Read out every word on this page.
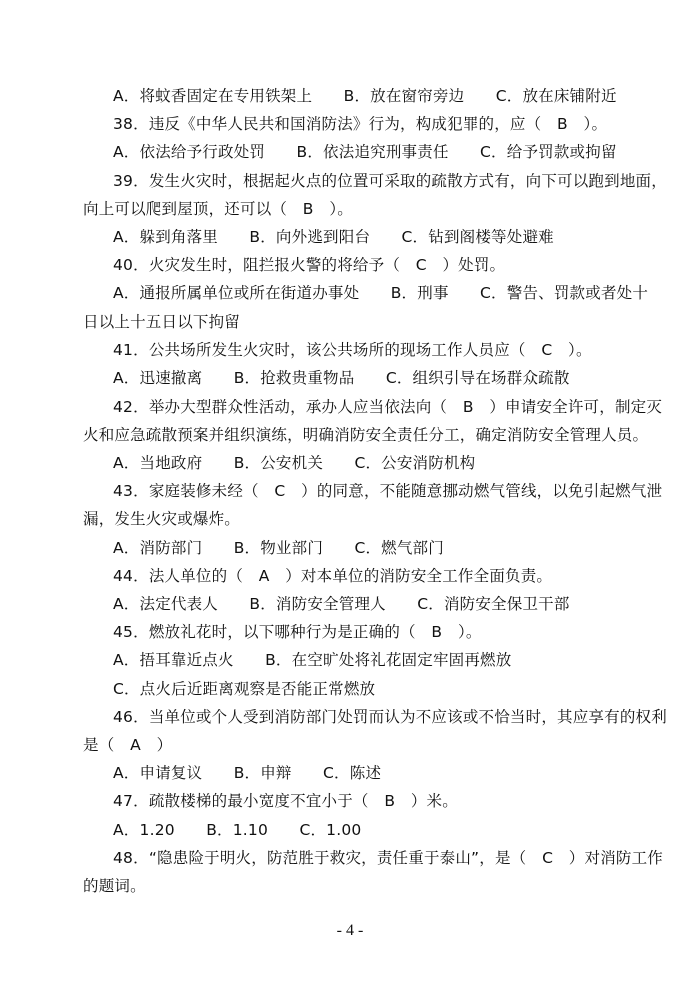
A．将蚊香固定在专用铁架上　　B．放在窗帘旁边　　C．放在床铺附近
38．违反《中华人民共和国消防法》行为，构成犯罪的，应（　B　）。
A．依法给予行政处罚　　B．依法追究刑事责任　　C．给予罚款或拘留
39．发生火灾时，根据起火点的位置可采取的疏散方式有，向下可以跑到地面，
向上可以爬到屋顶，还可以（　B　）。
A．躲到角落里　　B．向外逃到阳台　　C．钻到阁楼等处避难
40．火灾发生时，阻拦报火警的将给予（　C　）处罚。
A．通报所属单位或所在街道办事处　　B．刑事　　C．警告、罚款或者处十
日以上十五日以下拘留
41．公共场所发生火灾时，该公共场所的现场工作人员应（　C　）。
A．迅速撤离　　B．抢救贵重物品　　C．组织引导在场群众疏散
42．举办大型群众性活动，承办人应当依法向（　B　）申请安全许可，制定灭
火和应急疏散预案并组织演练，明确消防安全责任分工，确定消防安全管理人员。
A．当地政府　　B．公安机关　　C．公安消防机构
43．家庭装修未经（　C　）的同意，不能随意挪动燃气管线，以免引起燃气泄
漏，发生火灾或爆炸。
A．消防部门　　B．物业部门　　C．燃气部门
44．法人单位的（　A　）对本单位的消防安全工作全面负责。
A．法定代表人　　B．消防安全管理人　　C．消防安全保卫干部
45．燃放礼花时，以下哪种行为是正确的（　B　）。
A．捂耳靠近点火　　B．在空旷处将礼花固定牢固再燃放
C．点火后近距离观察是否能正常燃放
46．当单位或个人受到消防部门处罚而认为不应该或不恰当时，其应享有的权利
是（　A　）
A．申请复议　　B．申辩　　C．陈述
47．疏散楼梯的最小宽度不宜小于（　B　）米。
A．1.20　　B．1.10　　C．1.00
48．“隐患险于明火，防范胜于救灾，责任重于泰山”，是（　C　）对消防工作
的题词。
- 4 -
